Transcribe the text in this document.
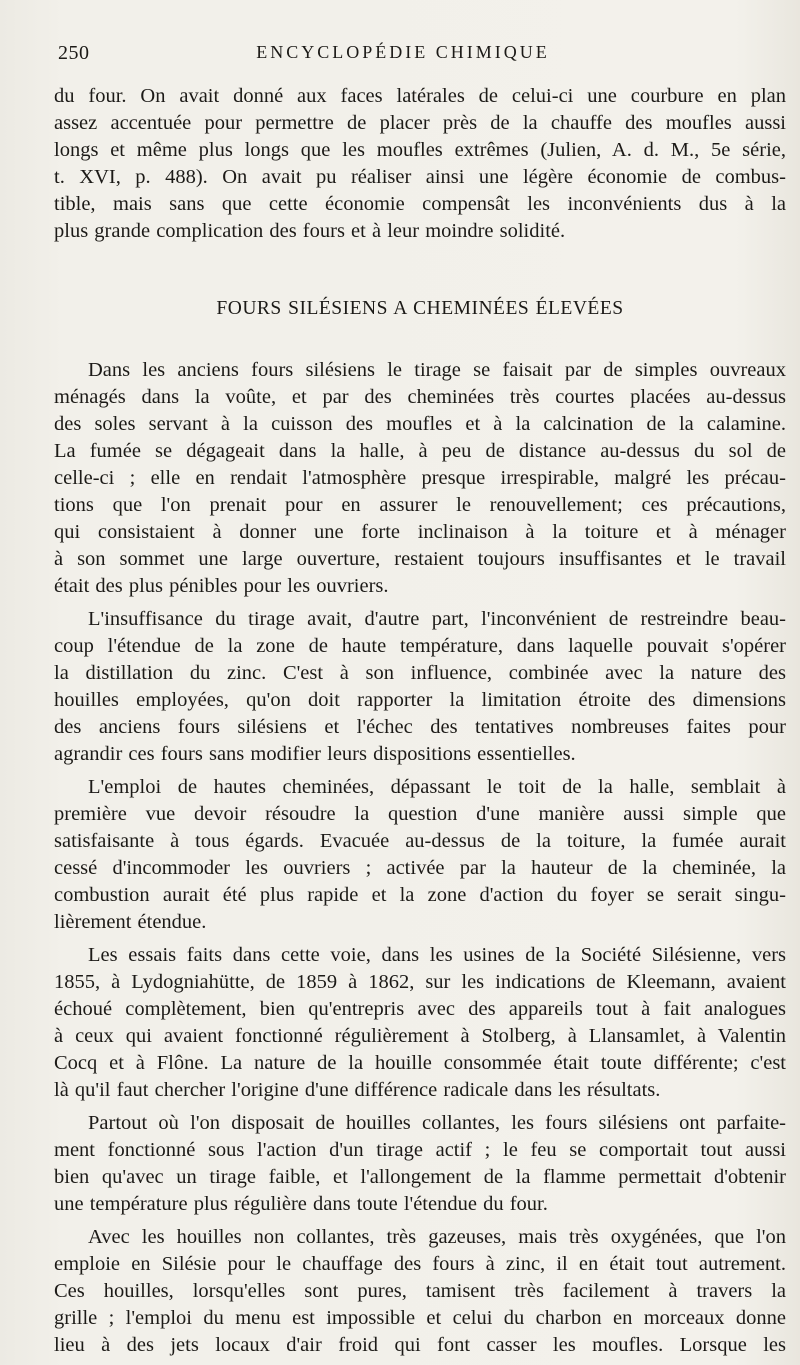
250	ENCYCLOPÉDIE CHIMIQUE
du four. On avait donné aux faces latérales de celui-ci une courbure en plan
assez accentuée pour permettre de placer près de la chauffe des moufles aussi
longs et même plus longs que les moufles extrêmes (Julien, A. d. M., 5e série,
t. XVI, p. 488). On avait pu réaliser ainsi une légère économie de combus-
tible, mais sans que cette économie compensât les inconvénients dus à la
plus grande complication des fours et à leur moindre solidité.
FOURS SILÉSIENS A CHEMINÉES ÉLEVÉES
Dans les anciens fours silésiens le tirage se faisait par de simples ouvreaux
ménagés dans la voûte, et par des cheminées très courtes placées au-dessus
des soles servant à la cuisson des moufles et à la calcination de la calamine.
La fumée se dégageait dans la halle, à peu de distance au-dessus du sol de
celle-ci ; elle en rendait l'atmosphère presque irrespirable, malgré les précau-
tions que l'on prenait pour en assurer le renouvellement; ces précautions,
qui consistaient à donner une forte inclinaison à la toiture et à ménager
à son sommet une large ouverture, restaient toujours insuffisantes et le travail
était des plus pénibles pour les ouvriers.
L'insuffisance du tirage avait, d'autre part, l'inconvénient de restreindre beau-
coup l'étendue de la zone de haute température, dans laquelle pouvait s'opérer
la distillation du zinc. C'est à son influence, combinée avec la nature des
houilles employées, qu'on doit rapporter la limitation étroite des dimensions
des anciens fours silésiens et l'échec des tentatives nombreuses faites pour
agrandir ces fours sans modifier leurs dispositions essentielles.
L'emploi de hautes cheminées, dépassant le toit de la halle, semblait à
première vue devoir résoudre la question d'une manière aussi simple que
satisfaisante à tous égards. Evacuée au-dessus de la toiture, la fumée aurait
cessé d'incommoder les ouvriers ; activée par la hauteur de la cheminée, la
combustion aurait été plus rapide et la zone d'action du foyer se serait singu-
lièrement étendue.
Les essais faits dans cette voie, dans les usines de la Société Silésienne, vers
1855, à Lydogniahütte, de 1859 à 1862, sur les indications de Kleemann, avaient
échoué complètement, bien qu'entrepris avec des appareils tout à fait analogues
à ceux qui avaient fonctionné régulièrement à Stolberg, à Llansamlet, à Valentin
Cocq et à Flône. La nature de la houille consommée était toute différente; c'est
là qu'il faut chercher l'origine d'une différence radicale dans les résultats.
Partout où l'on disposait de houilles collantes, les fours silésiens ont parfaite-
ment fonctionné sous l'action d'un tirage actif ; le feu se comportait tout aussi
bien qu'avec un tirage faible, et l'allongement de la flamme permettait d'obtenir
une température plus régulière dans toute l'étendue du four.
Avec les houilles non collantes, très gazeuses, mais très oxygénées, que l'on
emploie en Silésie pour le chauffage des fours à zinc, il en était tout autrement.
Ces houilles, lorsqu'elles sont pures, tamisent très facilement à travers la
grille ; l'emploi du menu est impossible et celui du charbon en morceaux donne
lieu à des jets locaux d'air froid qui font casser les moufles. Lorsque les
